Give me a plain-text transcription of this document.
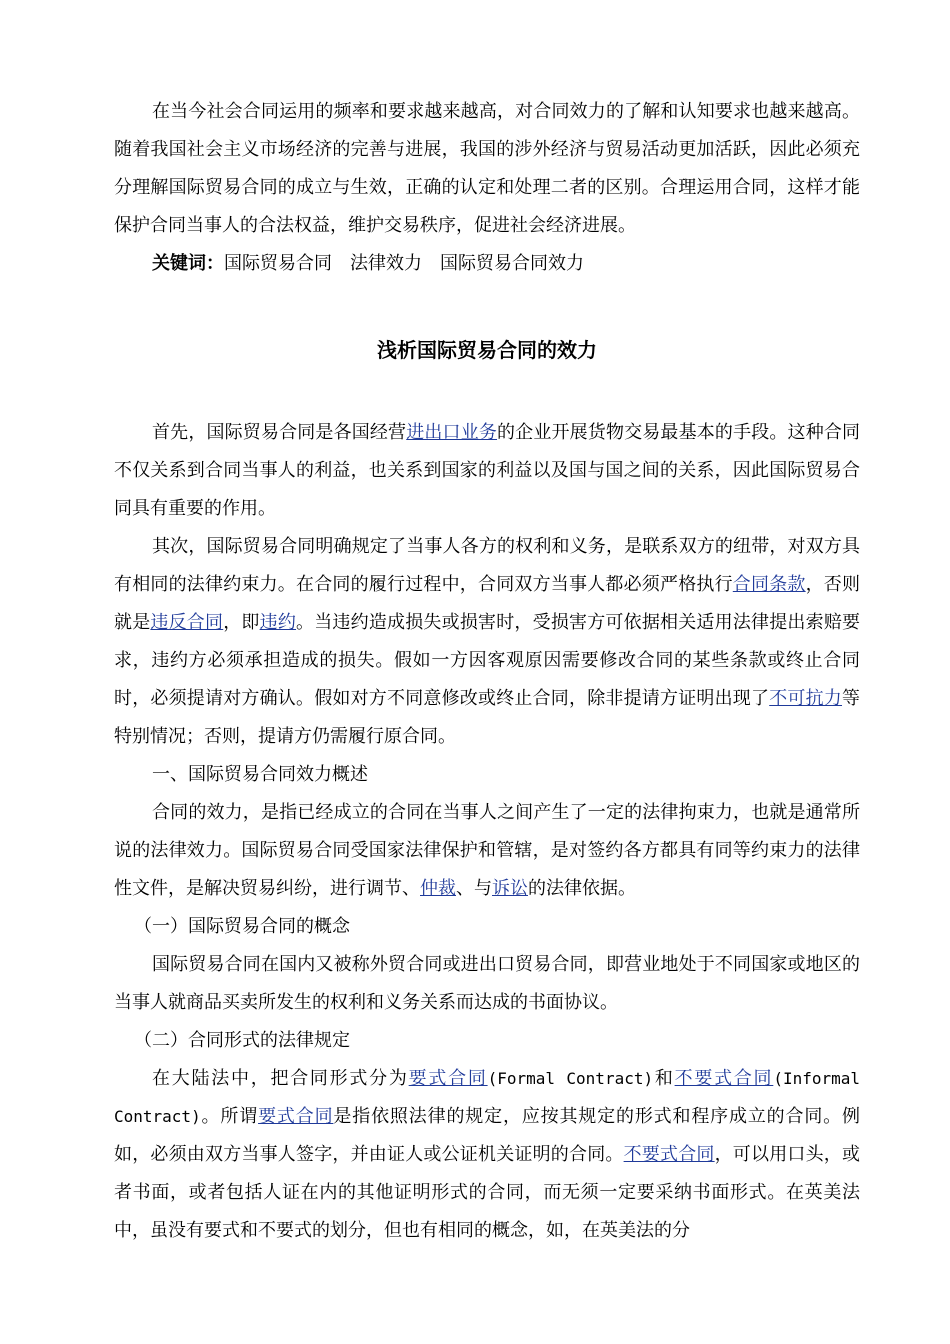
在当今社会合同运用的频率和要求越来越高，对合同效力的了解和认知要求也越来越高。随着我国社会主义市场经济的完善与进展，我国的涉外经济与贸易活动更加活跃，因此必须充分理解国际贸易合同的成立与生效，正确的认定和处理二者的区别。合理运用合同，这样才能保护合同当事人的合法权益，维护交易秩序，促进社会经济进展。
关键词：国际贸易合同　法律效力　国际贸易合同效力
浅析国际贸易合同的效力
首先，国际贸易合同是各国经营进出口业务的企业开展货物交易最基本的手段。这种合同不仅关系到合同当事人的利益，也关系到国家的利益以及国与国之间的关系，因此国际贸易合同具有重要的作用。
其次，国际贸易合同明确规定了当事人各方的权利和义务，是联系双方的纽带，对双方具有相同的法律约束力。在合同的履行过程中，合同双方当事人都必须严格执行合同条款，否则就是违反合同，即违约。当违约造成损失或损害时，受损害方可依据相关适用法律提出索赔要求，违约方必须承担造成的损失。假如一方因客观原因需要修改合同的某些条款或终止合同时，必须提请对方确认。假如对方不同意修改或终止合同，除非提请方证明出现了不可抗力等特别情况；否则，提请方仍需履行原合同。
一、国际贸易合同效力概述
合同的效力，是指已经成立的合同在当事人之间产生了一定的法律拘束力，也就是通常所说的法律效力。国际贸易合同受国家法律保护和管辖，是对签约各方都具有同等约束力的法律性文件，是解决贸易纠纷，进行调节、仲裁、与诉讼的法律依据。
（一）国际贸易合同的概念
国际贸易合同在国内又被称外贸合同或进出口贸易合同，即营业地处于不同国家或地区的当事人就商品买卖所发生的权利和义务关系而达成的书面协议。
（二）合同形式的法律规定
在大陆法中，把合同形式分为要式合同(Formal Contract)和不要式合同(Informal Contract)。所谓要式合同是指依照法律的规定，应按其规定的形式和程序成立的合同。例如，必须由双方当事人签字，并由证人或公证机关证明的合同。不要式合同，可以用口头，或者书面，或者包括人证在内的其他证明形式的合同，而无须一定要采纳书面形式。在英美法中，虽没有要式和不要式的划分，但也有相同的概念，如，在英美法的分
